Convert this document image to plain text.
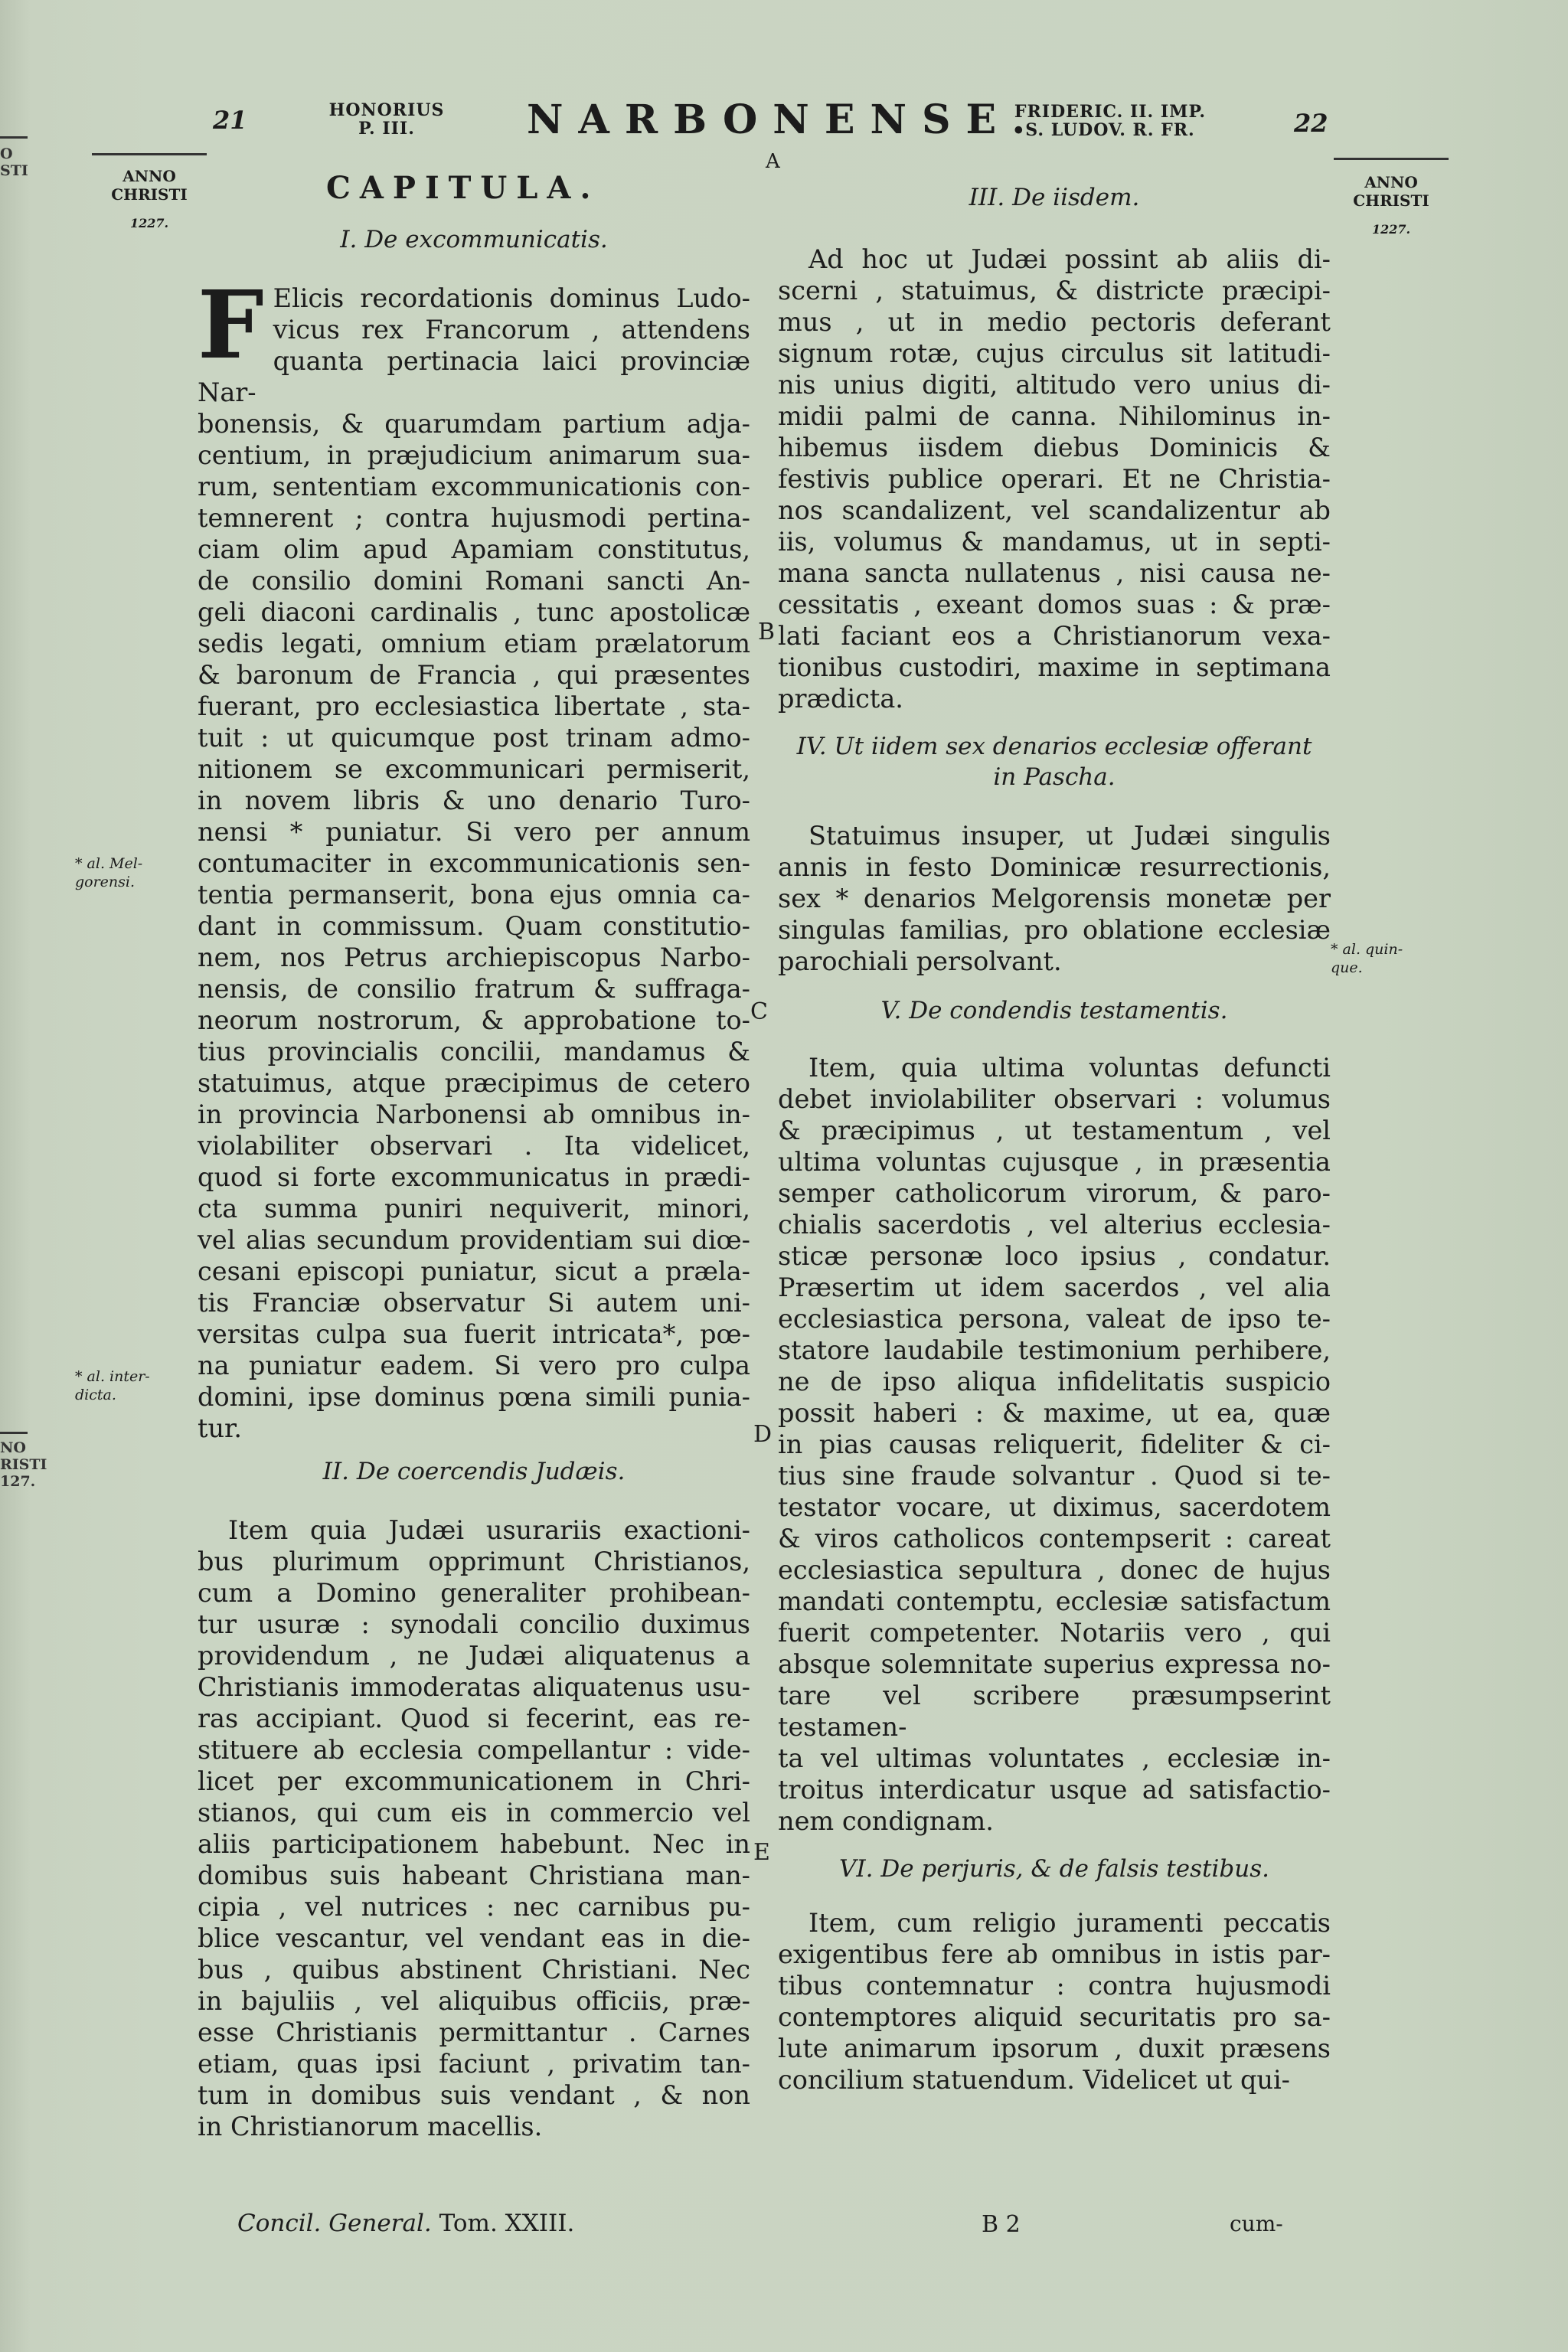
O
STI
NO
RISTI
127.
21	HONORIUS
P. III.	NARBONENSE.
A
FRIDERIC. II. IMP.
S. LUDOV. R. FR.	22
ANNO
CHRISTI
1227.
ANNO
CHRISTI
1227.
* al. Mel-
gorensi.
* al. inter-
dicta.
* al. quin-
que.
B
C
D
E
CAPITULA.
I. De excommunicatis.
F Elicis recordationis dominus Ludo-
vicus rex Francorum , attendens
quanta pertinacia laici provinciæ Nar-
bonensis, & quarumdam partium adja-
centium, in præjudicium animarum sua-
rum, sententiam excommunicationis con-
temnerent ; contra hujusmodi pertina-
ciam olim apud Apamiam constitutus,
de consilio domini Romani sancti An-
geli diaconi cardinalis , tunc apostolicæ
sedis legati, omnium etiam prælatorum
& baronum de Francia , qui præsentes
fuerant, pro ecclesiastica libertate , sta-
tuit : ut quicumque post trinam admo-
nitionem se excommunicari permiserit,
in novem libris & uno denario Turo-
nensi * puniatur. Si vero per annum
contumaciter in excommunicationis sen-
tentia permanserit, bona ejus omnia ca-
dant in commissum. Quam constitutio-
nem, nos Petrus archiepiscopus Narbo-
nensis, de consilio fratrum & suffraga-
neorum nostrorum, & approbatione to-
tius provincialis concilii, mandamus &
statuimus, atque præcipimus de cetero
in provincia Narbonensi ab omnibus in-
violabiliter observari . Ita videlicet,
quod si forte excommunicatus in prædi-
cta summa puniri nequiverit, minori,
vel alias secundum providentiam sui diœ-
cesani episcopi puniatur, sicut a præla-
tis Franciæ observatur Si autem uni-
versitas culpa sua fuerit intricata*, pœ-
na puniatur eadem. Si vero pro culpa
domini, ipse dominus pœna simili punia-
tur.
II. De coercendis Judæis.
Item quia Judæi usurariis exactioni-
bus plurimum opprimunt Christianos,
cum a Domino generaliter prohibean-
tur usuræ : synodali concilio duximus
providendum , ne Judæi aliquatenus a
Christianis immoderatas aliquatenus usu-
ras accipiant. Quod si fecerint, eas re-
stituere ab ecclesia compellantur : vide-
licet per excommunicationem in Chri-
stianos, qui cum eis in commercio vel
aliis participationem habebunt. Nec in
domibus suis habeant Christiana man-
cipia , vel nutrices : nec carnibus pu-
blice vescantur, vel vendant eas in die-
bus , quibus abstinent Christiani. Nec
in bajuliis , vel aliquibus officiis, præ-
esse Christianis permittantur . Carnes
etiam, quas ipsi faciunt , privatim tan-
tum in domibus suis vendant , & non
in Christianorum macellis.
Concil. General. Tom. XXIII.
III. De iisdem.
Ad hoc ut Judæi possint ab aliis di-
scerni , statuimus, & districte præcipi-
mus , ut in medio pectoris deferant
signum rotæ, cujus circulus sit latitudi-
nis unius digiti, altitudo vero unius di-
midii palmi de canna. Nihilominus in-
hibemus iisdem diebus Dominicis &
festivis publice operari. Et ne Christia-
nos scandalizent, vel scandalizentur ab
iis, volumus & mandamus, ut in septi-
mana sancta nullatenus , nisi causa ne-
cessitatis , exeant domos suas : & præ-
lati faciant eos a Christianorum vexa-
tionibus custodiri, maxime in septimana
prædicta.
IV. Ut iidem sex denarios ecclesiæ offerant
in Pascha.
Statuimus insuper, ut Judæi singulis
annis in festo Dominicæ resurrectionis,
sex * denarios Melgorensis monetæ per
singulas familias, pro oblatione ecclesiæ
parochiali persolvant.
V. De condendis testamentis.
Item, quia ultima voluntas defuncti
debet inviolabiliter observari : volumus
& præcipimus , ut testamentum , vel
ultima voluntas cujusque , in præsentia
semper catholicorum virorum, & paro-
chialis sacerdotis , vel alterius ecclesia-
sticæ personæ loco ipsius , condatur.
Præsertim ut idem sacerdos , vel alia
ecclesiastica persona, valeat de ipso te-
statore laudabile testimonium perhibere,
ne de ipso aliqua infidelitatis suspicio
possit haberi : & maxime, ut ea, quæ
in pias causas reliquerit, fideliter & ci-
tius sine fraude solvantur . Quod si te-
testator vocare, ut diximus, sacerdotem
& viros catholicos contempserit : careat
ecclesiastica sepultura , donec de hujus
mandati contemptu, ecclesiæ satisfactum
fuerit competenter. Notariis vero , qui
absque solemnitate superius expressa no-
tare vel scribere præsumpserint testamen-
ta vel ultimas voluntates , ecclesiæ in-
troitus interdicatur usque ad satisfactio-
nem condignam.
VI. De perjuris, & de falsis testibus.
Item, cum religio juramenti peccatis
exigentibus fere ab omnibus in istis par-
tibus contemnatur : contra hujusmodi
contemptores aliquid securitatis pro sa-
lute animarum ipsorum , duxit præsens
concilium statuendum. Videlicet ut qui-
B 2	cum-
